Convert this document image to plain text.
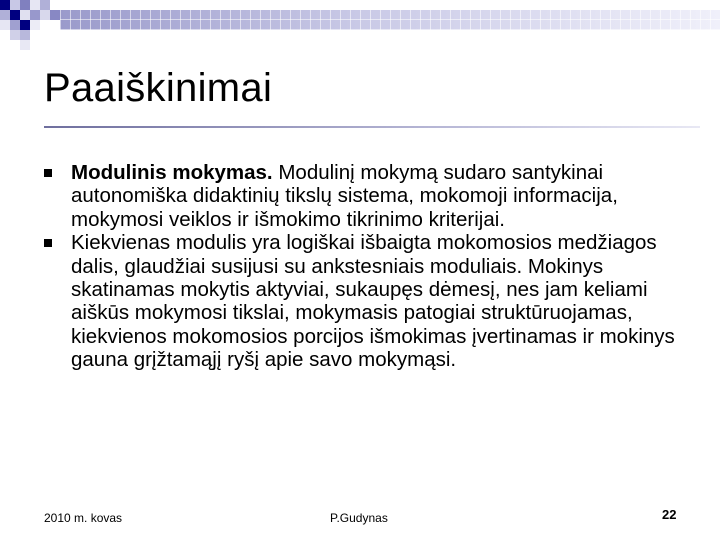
Paaiškinimai

Modulinis mokymas. Modulinį mokymą sudaro santykinai autonomiška didaktinių tikslų sistema, mokomoji informacija, mokymosi veiklos ir išmokimo tikrinimo kriterijai.

Kiekvienas modulis yra logiškai išbaigta mokomosios medžiagos dalis, glaudžiai susijusi su ankstesniais moduliais. Mokinys skatinamas mokytis aktyviai, sukaupęs dėmesį, nes jam keliami aiškūs mokymosi tikslai, mokymasis patogiai struktūruojamas, kiekvienos mokomosios porcijos išmokimas įvertinamas ir mokinys gauna grįžtamąjį ryšį apie savo mokymąsi.

2010 m. kovas	P.Gudynas	22
